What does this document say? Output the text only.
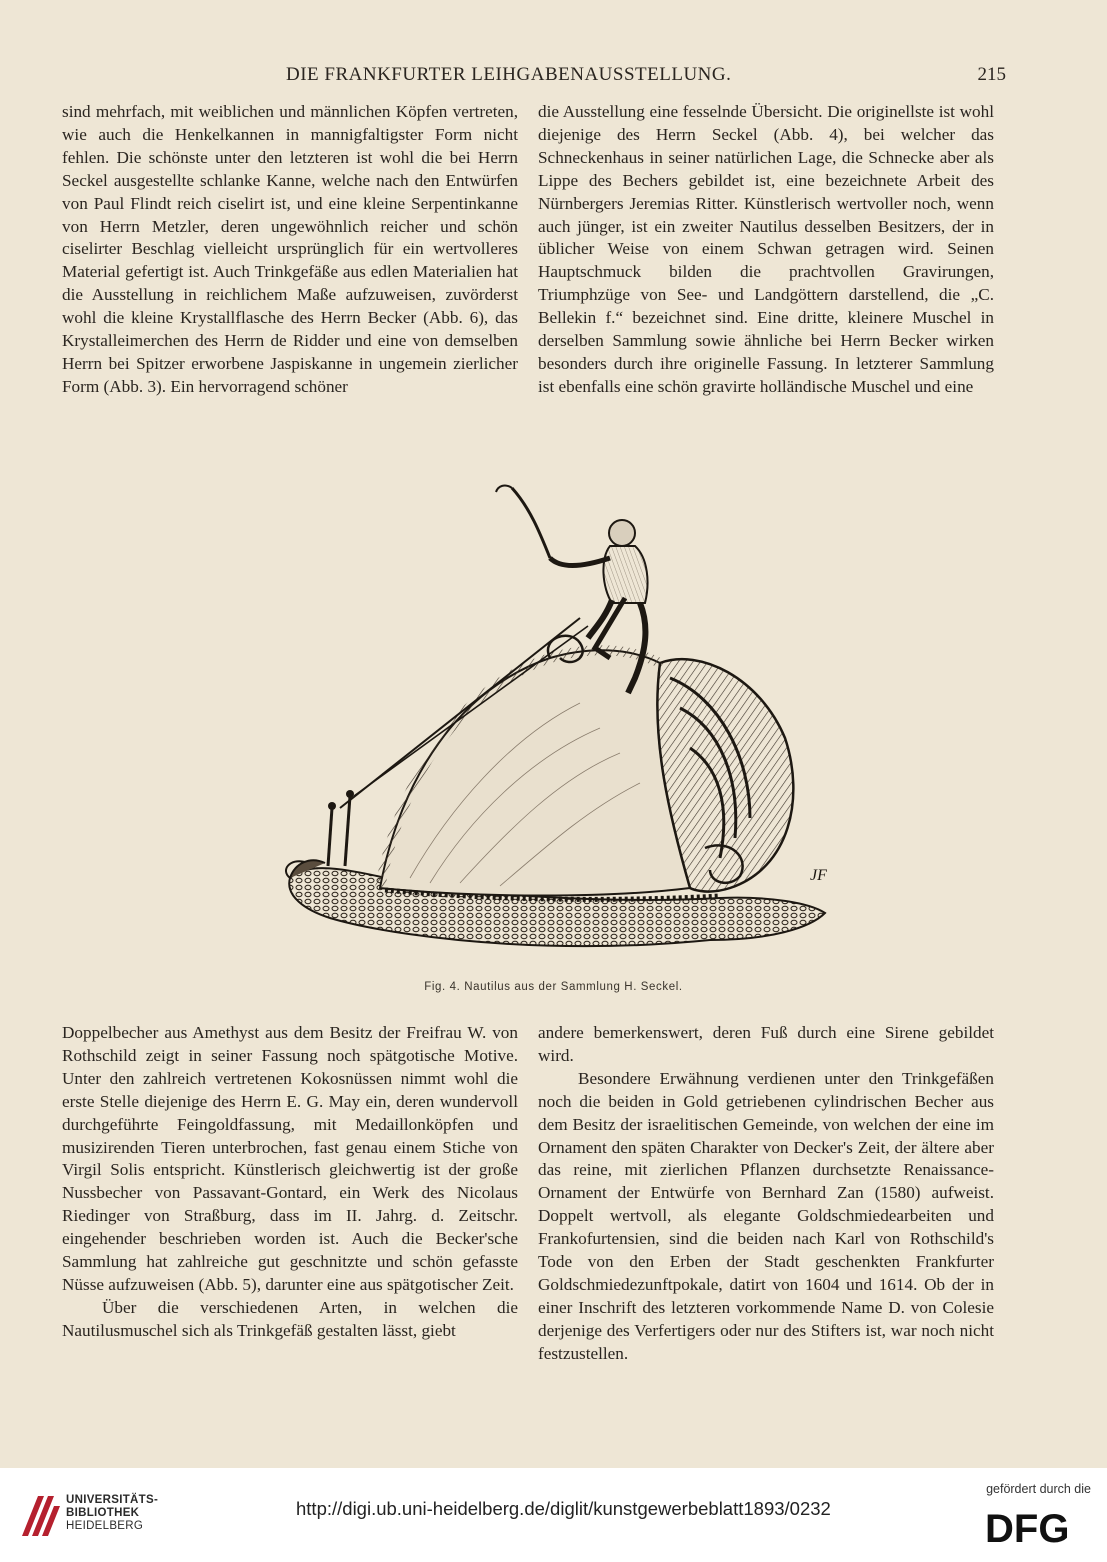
DIE FRANKFURTER LEIHGABENAUSSTELLUNG.	215

sind mehrfach, mit weiblichen und männlichen Köpfen vertreten, wie auch die Henkelkannen in mannigfaltigster Form nicht fehlen. Die schönste unter den letzteren ist wohl die bei Herrn Seckel ausgestellte schlanke Kanne, welche nach den Entwürfen von Paul Flindt reich ciselirt ist, und eine kleine Serpentinkanne von Herrn Metzler, deren ungewöhnlich reicher und schön ciselirter Beschlag vielleicht ursprünglich für ein wertvolleres Material gefertigt ist. Auch Trinkgefäße aus edlen Materialien hat die Ausstellung in reichlichem Maße aufzuweisen, zuvörderst wohl die kleine Krystallflasche des Herrn Becker (Abb. 6), das Krystalleimerchen des Herrn de Ridder und eine von demselben Herrn bei Spitzer erworbene Jaspiskanne in ungemein zierlicher Form (Abb. 3). Ein hervorragend schöner

die Ausstellung eine fesselnde Übersicht. Die originellste ist wohl diejenige des Herrn Seckel (Abb. 4), bei welcher das Schneckenhaus in seiner natürlichen Lage, die Schnecke aber als Lippe des Bechers gebildet ist, eine bezeichnete Arbeit des Nürnbergers Jeremias Ritter. Künstlerisch wertvoller noch, wenn auch jünger, ist ein zweiter Nautilus desselben Besitzers, der in üblicher Weise von einem Schwan getragen wird. Seinen Hauptschmuck bilden die prachtvollen Gravirungen, Triumphzüge von See- und Landgöttern darstellend, die „C. Bellekin f.“ bezeichnet sind. Eine dritte, kleinere Muschel in derselben Sammlung sowie ähnliche bei Herrn Becker wirken besonders durch ihre originelle Fassung. In letzterer Sammlung ist ebenfalls eine schön gravirte holländische Muschel und eine

JF
Fig. 4. Nautilus aus der Sammlung H. Seckel.

Doppelbecher aus Amethyst aus dem Besitz der Freifrau W. von Rothschild zeigt in seiner Fassung noch spätgotische Motive. Unter den zahlreich vertretenen Kokosnüssen nimmt wohl die erste Stelle diejenige des Herrn E. G. May ein, deren wundervoll durchgeführte Feingoldfassung, mit Medaillonköpfen und musizirenden Tieren unterbrochen, fast genau einem Stiche von Virgil Solis entspricht. Künstlerisch gleichwertig ist der große Nussbecher von Passavant-Gontard, ein Werk des Nicolaus Riedinger von Straßburg, dass im II. Jahrg. d. Zeitschr. eingehender beschrieben worden ist. Auch die Becker'sche Sammlung hat zahlreiche gut geschnitzte und schön gefasste Nüsse aufzuweisen (Abb. 5), darunter eine aus spätgotischer Zeit.

Über die verschiedenen Arten, in welchen die Nautilusmuschel sich als Trinkgefäß gestalten lässt, giebt

andere bemerkenswert, deren Fuß durch eine Sirene gebildet wird.

Besondere Erwähnung verdienen unter den Trinkgefäßen noch die beiden in Gold getriebenen cylindrischen Becher aus dem Besitz der israelitischen Gemeinde, von welchen der eine im Ornament den späten Charakter von Decker's Zeit, der ältere aber das reine, mit zierlichen Pflanzen durchsetzte Renaissance-Ornament der Entwürfe von Bernhard Zan (1580) aufweist. Doppelt wertvoll, als elegante Goldschmiedearbeiten und Frankofurtensien, sind die beiden nach Karl von Rothschild's Tode von den Erben der Stadt geschenkten Frankfurter Goldschmiedezunftpokale, datirt von 1604 und 1614. Ob der in einer Inschrift des letzteren vorkommende Name D. von Colesie derjenige des Verfertigers oder nur des Stifters ist, war noch nicht festzustellen.

UNIVERSITÄTS-
BIBLIOTHEK
HEIDELBERG
http://digi.ub.uni-heidelberg.de/diglit/kunstgewerbeblatt1893/0232
gefördert durch die
DFG
